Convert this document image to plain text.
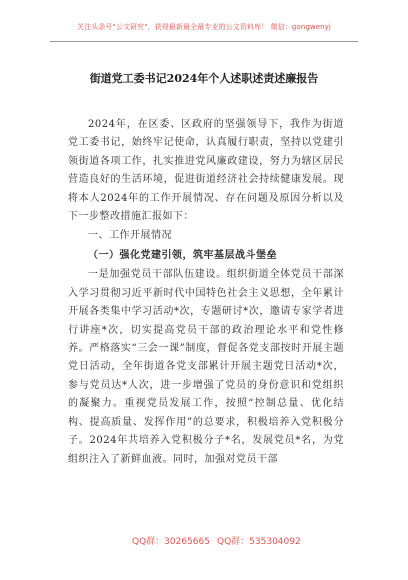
关注头条号"公文研究"，获得最新最全最专业的公文资料库！ 微信：gongwenyj
街道党工委书记2024年个人述职述责述廉报告

2024年，在区委、区政府的坚强领导下，我作为街道党工委书记，始终牢记使命，认真履行职责，坚持以党建引领街道各项工作，扎实推进党风廉政建设，努力为辖区居民营造良好的生活环境，促进街道经济社会持续健康发展。现将本人2024年的工作开展情况、存在问题及原因分析以及下一步整改措施汇报如下：

一、工作开展情况

（一）强化党建引领，筑牢基层战斗堡垒

一是加强党员干部队伍建设。组织街道全体党员干部深入学习贯彻习近平新时代中国特色社会主义思想，全年累计开展各类集中学习活动*次，专题研讨*次，邀请专家学者进行讲座*次，切实提高党员干部的政治理论水平和党性修养。严格落实“三会一课”制度，督促各党支部按时开展主题党日活动，全年街道各党支部累计开展主题党日活动*次，参与党员达*人次，进一步增强了党员的身份意识和党组织的凝聚力。重视党员发展工作，按照“控制总量、优化结构、提高质量、发挥作用”的总要求，积极培养入党积极分子。2024年共培养入党积极分子*名，发展党员*名，为党组织注入了新鲜血液。同时，加强对党员干部

QQ群：30265665 QQ群：535304092
